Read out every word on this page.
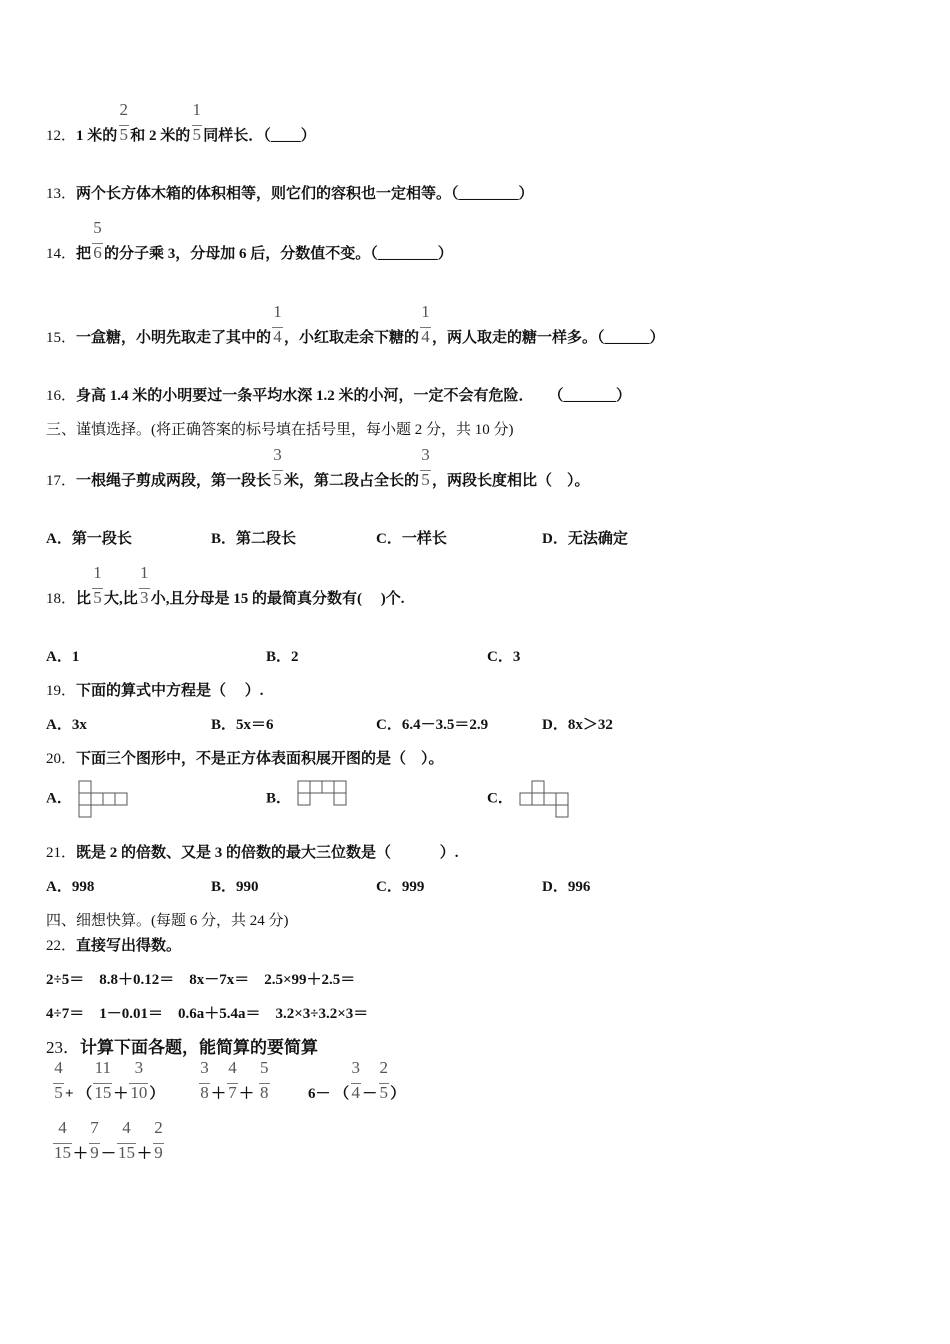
12．1 米的 $\frac{2}{5}$和 2 米的 $\frac{1}{5}$同样长．（____）
13．两个长方体木箱的体积相等，则它们的容积也一定相等。（________）
14．把 $\frac{5}{6}$的分子乘 3，分母加 6 后，分数值不变。（________）
15．一盒糖，小明先取走了其中的 $\frac{1}{4}$，小红取走余下糖的 $\frac{1}{4}$，两人取走的糖一样多。（______）
16．身高 1.4 米的小明要过一条平均水深 1.2 米的小河，一定不会有危险．    （_______）
三、谨慎选择。(将正确答案的标号填在括号里，每小题 2 分，共 10 分)
17．一根绳子剪成两段，第一段长 $\frac{3}{5}$米，第二段占全长的 $\frac{3}{5}$，两段长度相比（    ）。
18．比 $\frac{1}{5}$大,比 $\frac{1}{3}$小,且分母是 15 的最简真分数有(     )个.
19．下面的算式中方程是（     ）.
20．下面三个图形中，不是正方体表面积展开图的是（    ）。
21．既是 2 的倍数、又是 3 的倍数的最大三位数是（             ）.
四、细想快算。(每题 6 分，共 24 分)
22．直接写出得数。
2÷5＝    8.8＋0.12＝    8x－7x＝    2.5×99＋2.5＝
4÷7＝    1－0.01＝    0.6a＋5.4a＝    3.2×3÷3.2×3＝
23．计算下面各题，能简算的要简算
$\frac{4}{5}+$ （ $\frac{11}{15}+ \frac{3}{10}) \frac{3}{8}+ \frac{4}{7}+ \frac{5}{8}$	6－ （ $\frac{3}{4}- \frac{2}{5}$）
$\frac{4}{15}+ \frac{7}{9}- \frac{4}{15}+ \frac{2}{9}$
A．第一段长	B．第二段长	C．一样长	D．无法确定
A．1	B．2	C．3
A．3x	B．5x＝6	C．6.4－3.5＝2.9	D．8x＞32
A．	B．	C．
A．998	B．990	C．999	D．996
